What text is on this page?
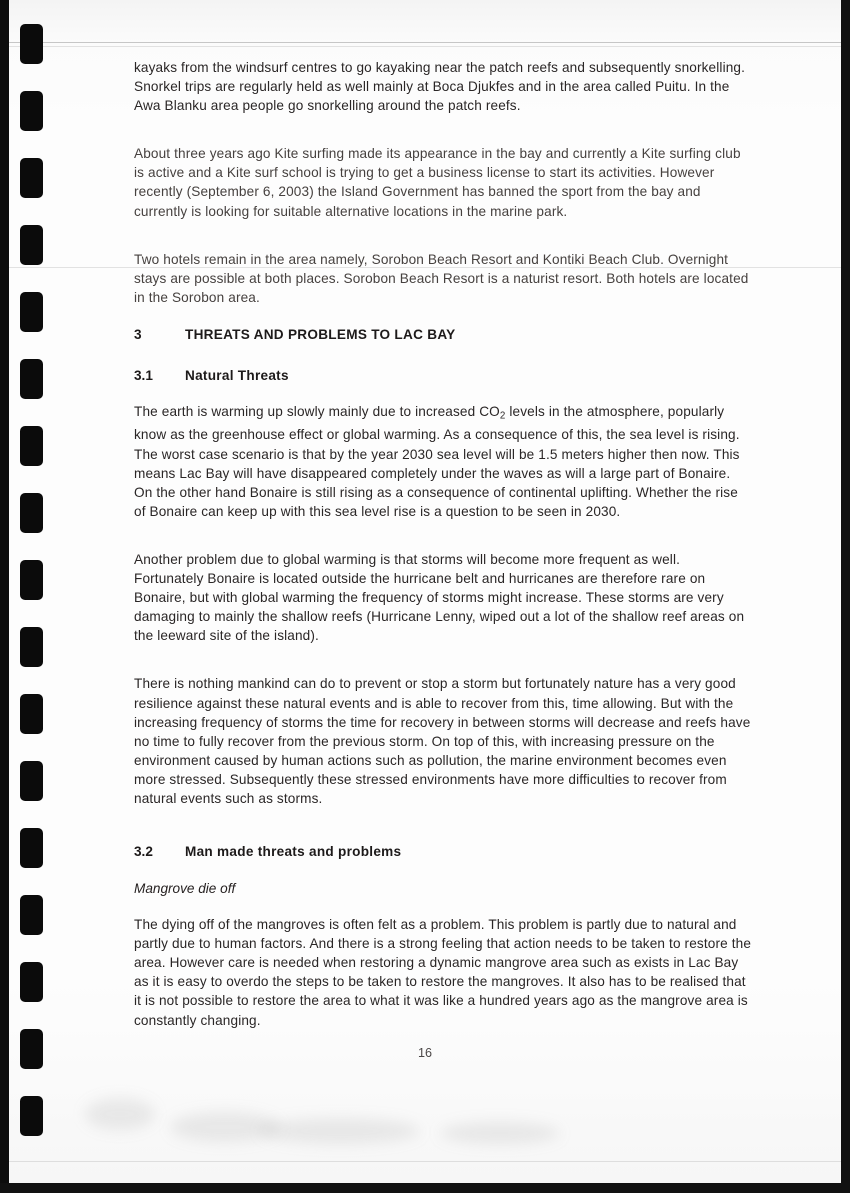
kayaks from the windsurf centres to go kayaking near the patch reefs and subsequently snorkelling. Snorkel trips are regularly held as well mainly at Boca Djukfes and in the area called Puitu. In the Awa Blanku area people go snorkelling around the patch reefs.

About three years ago Kite surfing made its appearance in the bay and currently a Kite surfing club is active and a Kite surf school is trying to get a business license to start its activities. However recently (September 6, 2003) the Island Government has banned the sport from the bay and currently is looking for suitable alternative locations in the marine park.

Two hotels remain in the area namely, Sorobon Beach Resort and Kontiki Beach Club. Overnight stays are possible at both places. Sorobon Beach Resort is a naturist resort. Both hotels are located in the Sorobon area.

3	THREATS AND PROBLEMS TO LAC BAY
3.1	Natural Threats

The earth is warming up slowly mainly due to increased $CO_2$ levels in the atmosphere, popularly know as the greenhouse effect or global warming. As a consequence of this, the sea level is rising. The worst case scenario is that by the year 2030 sea level will be 1.5 meters higher then now. This means Lac Bay will have disappeared completely under the waves as will a large part of Bonaire. On the other hand Bonaire is still rising as a consequence of continental uplifting. Whether the rise of Bonaire can keep up with this sea level rise is a question to be seen in 2030.

Another problem due to global warming is that storms will become more frequent as well. Fortunately Bonaire is located outside the hurricane belt and hurricanes are therefore rare on Bonaire, but with global warming the frequency of storms might increase. These storms are very damaging to mainly the shallow reefs (Hurricane Lenny, wiped out a lot of the shallow reef areas on the leeward site of the island).

There is nothing mankind can do to prevent or stop a storm but fortunately nature has a very good resilience against these natural events and is able to recover from this, time allowing. But with the increasing frequency of storms the time for recovery in between storms will decrease and reefs have no time to fully recover from the previous storm. On top of this, with increasing pressure on the environment caused by human actions such as pollution, the marine environment becomes even more stressed. Subsequently these stressed environments have more difficulties to recover from natural events such as storms.

3.2	Man made threats and problems

Mangrove die off

The dying off of the mangroves is often felt as a problem. This problem is partly due to natural and partly due to human factors. And there is a strong feeling that action needs to be taken to restore the area. However care is needed when restoring a dynamic mangrove area such as exists in Lac Bay as it is easy to overdo the steps to be taken to restore the mangroves. It also has to be realised that it is not possible to restore the area to what it was like a hundred years ago as the mangrove area is constantly changing.

16
